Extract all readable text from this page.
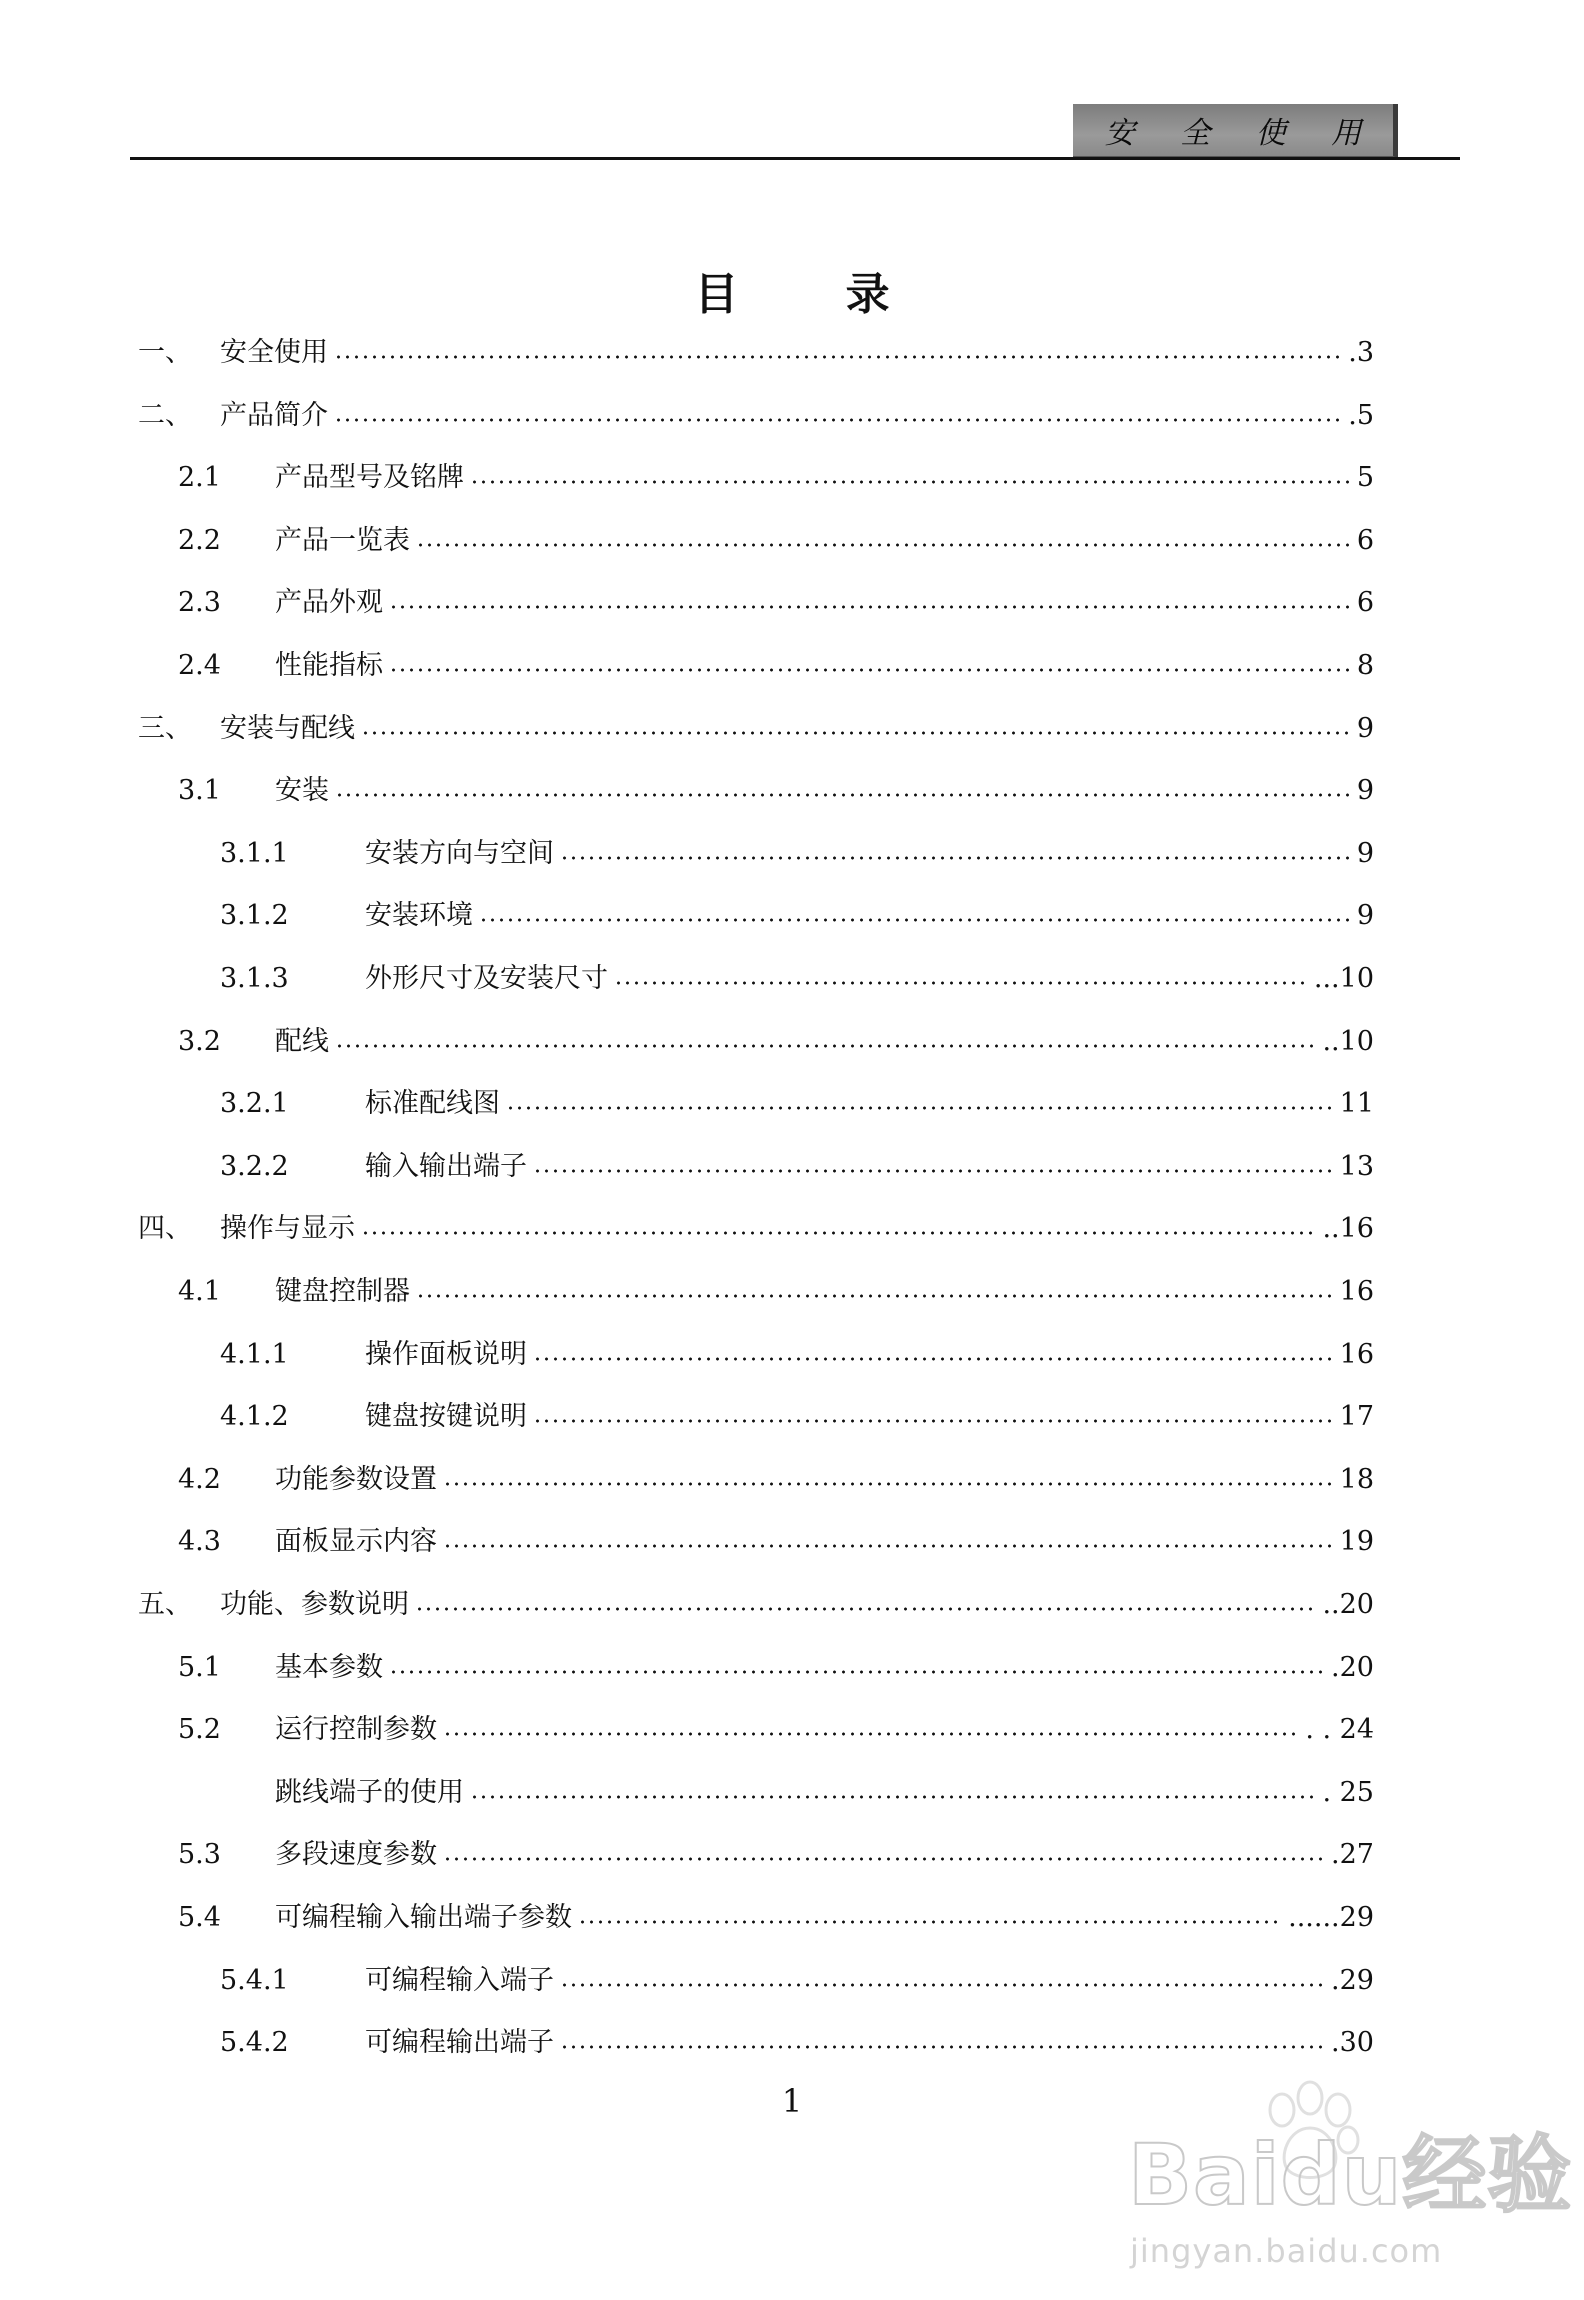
安 全 使 用
目 录
一、 安全使用	.3
二、 产品简介	.5
2.1 产品型号及铭牌	5
2.2 产品一览表	6
2.3 产品外观	6
2.4 性能指标	8
三、 安装与配线	9
3.1 安装	9
3.1.1	安装方向与空间	9
3.1.2	安装环境	9
3.1.3	外形尺寸及安装尺寸	...10
3.2 配线	..10
3.2.1	标准配线图	11
3.2.2	输入输出端子	13
四、 操作与显示	..16
4.1 键盘控制器	16
4.1.1	操作面板说明	16
4.1.2	键盘按键说明	17
4.2 功能参数设置	18
4.3 面板显示内容	19
五、 功能、参数说明	..20
5.1 基本参数	.20
5.2 运行控制参数	. . 24
跳线端子的使用	. 25
5.3 多段速度参数	.27
5.4 可编程输入输出端子参数	......29
5.4.1	可编程输入端子	.29
5.4.2	可编程输出端子	.30
1
Baidu经验
jingyan.baidu.com
